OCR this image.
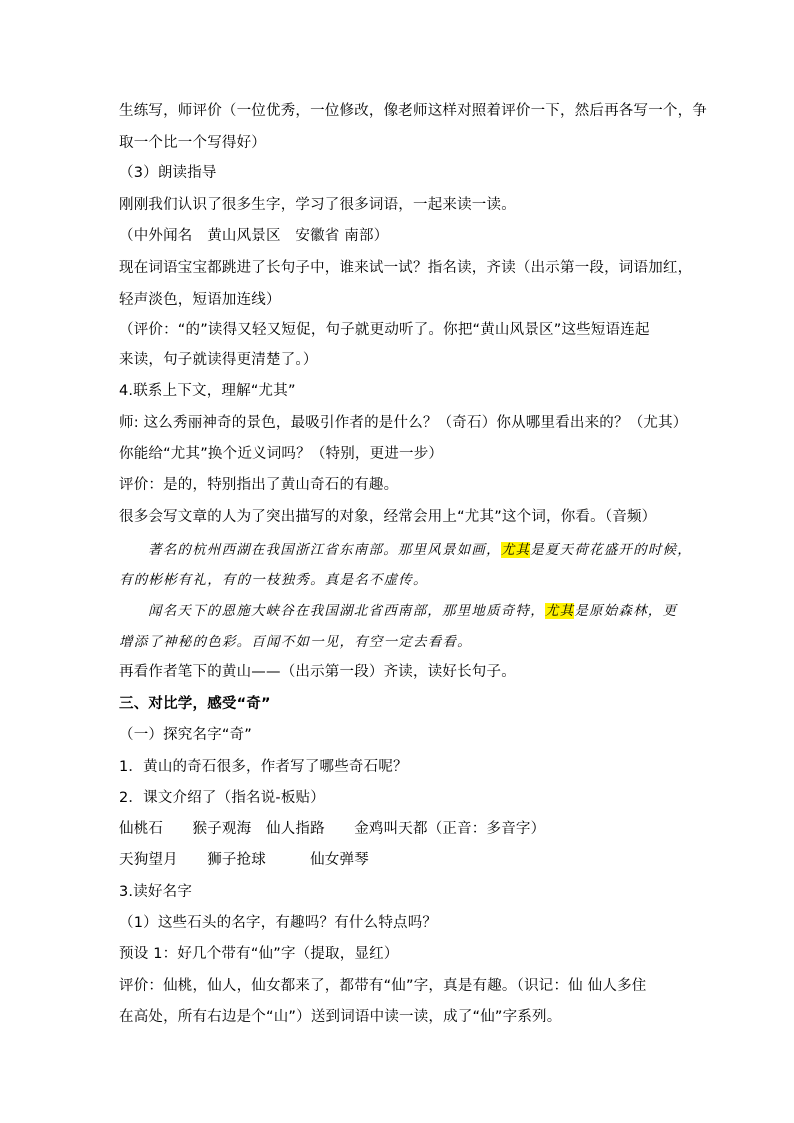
生练写，师评价（一位优秀，一位修改，像老师这样对照着评价一下，然后再各写一个，争
取一个比一个写得好）
（3）朗读指导
刚刚我们认识了很多生字，学习了很多词语，一起来读一读。
（中外闻名　黄山风景区　安徽省 南部）
现在词语宝宝都跳进了长句子中，谁来试一试？指名读，齐读（出示第一段，词语加红，
轻声淡色，短语加连线）
（评价：“的”读得又轻又短促，句子就更动听了。你把“黄山风景区”这些短语连起
来读，句子就读得更清楚了。）
4.联系上下文，理解“尤其”
师: 这么秀丽神奇的景色，最吸引作者的是什么？（奇石）你从哪里看出来的？（尤其）
你能给“尤其”换个近义词吗？（特别，更进一步）
评价：是的，特别指出了黄山奇石的有趣。
很多会写文章的人为了突出描写的对象，经常会用上“尤其”这个词，你看。（音频）
著名的杭州西湖在我国浙江省东南部。那里风景如画，尤其是夏天荷花盛开的时候，
有的彬彬有礼，有的一枝独秀。真是名不虚传。
闻名天下的恩施大峡谷在我国湖北省西南部，那里地质奇特，尤其是原始森林，更
增添了神秘的色彩。百闻不如一见，有空一定去看看。
再看作者笔下的黄山——（出示第一段）齐读，读好长句子。
三、对比学，感受“奇”
（一）探究名字“奇”
1．黄山的奇石很多，作者写了哪些奇石呢？
2．课文介绍了（指名说-板贴）
仙桃石　　猴子观海　仙人指路　　金鸡叫天都（正音：多音字）
天狗望月　　狮子抢球　　　仙女弹琴
3.读好名字
（1）这些石头的名字，有趣吗？有什么特点吗？
预设 1：好几个带有“仙”字（提取，显红）
评价：仙桃，仙人，仙女都来了，都带有“仙”字，真是有趣。（识记：仙 仙人多住
在高处，所有右边是个“山”）送到词语中读一读，成了“仙”字系列。
